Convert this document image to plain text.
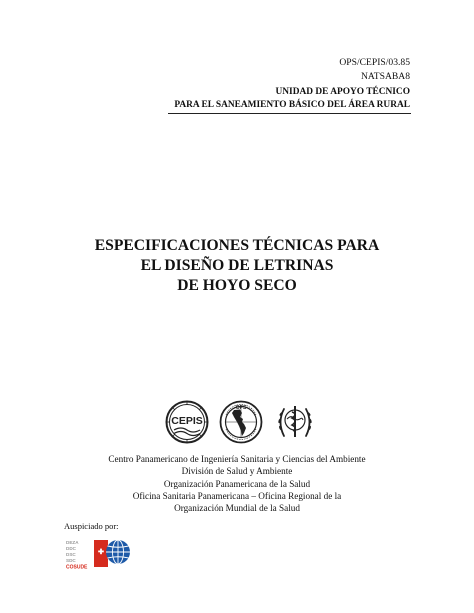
OPS/CEPIS/03.85
NATSABA8
UNIDAD DE APOYO TÉCNICO
PARA EL SANEAMIENTO BÁSICO DEL ÁREA RURAL
ESPECIFICACIONES TÉCNICAS PARA
EL DISEÑO DE LETRINAS
DE HOYO SECO
CEPIS
OPS
Centro Panamericano de Ingeniería Sanitaria y Ciencias del Ambiente
División de Salud y Ambiente
Organización Panamericana de la Salud
Oficina Sanitaria Panamericana – Oficina Regional de la
Organización Mundial de la Salud
Auspiciado por:
DEZA
DDC
DSC
SDC
COSUDE
